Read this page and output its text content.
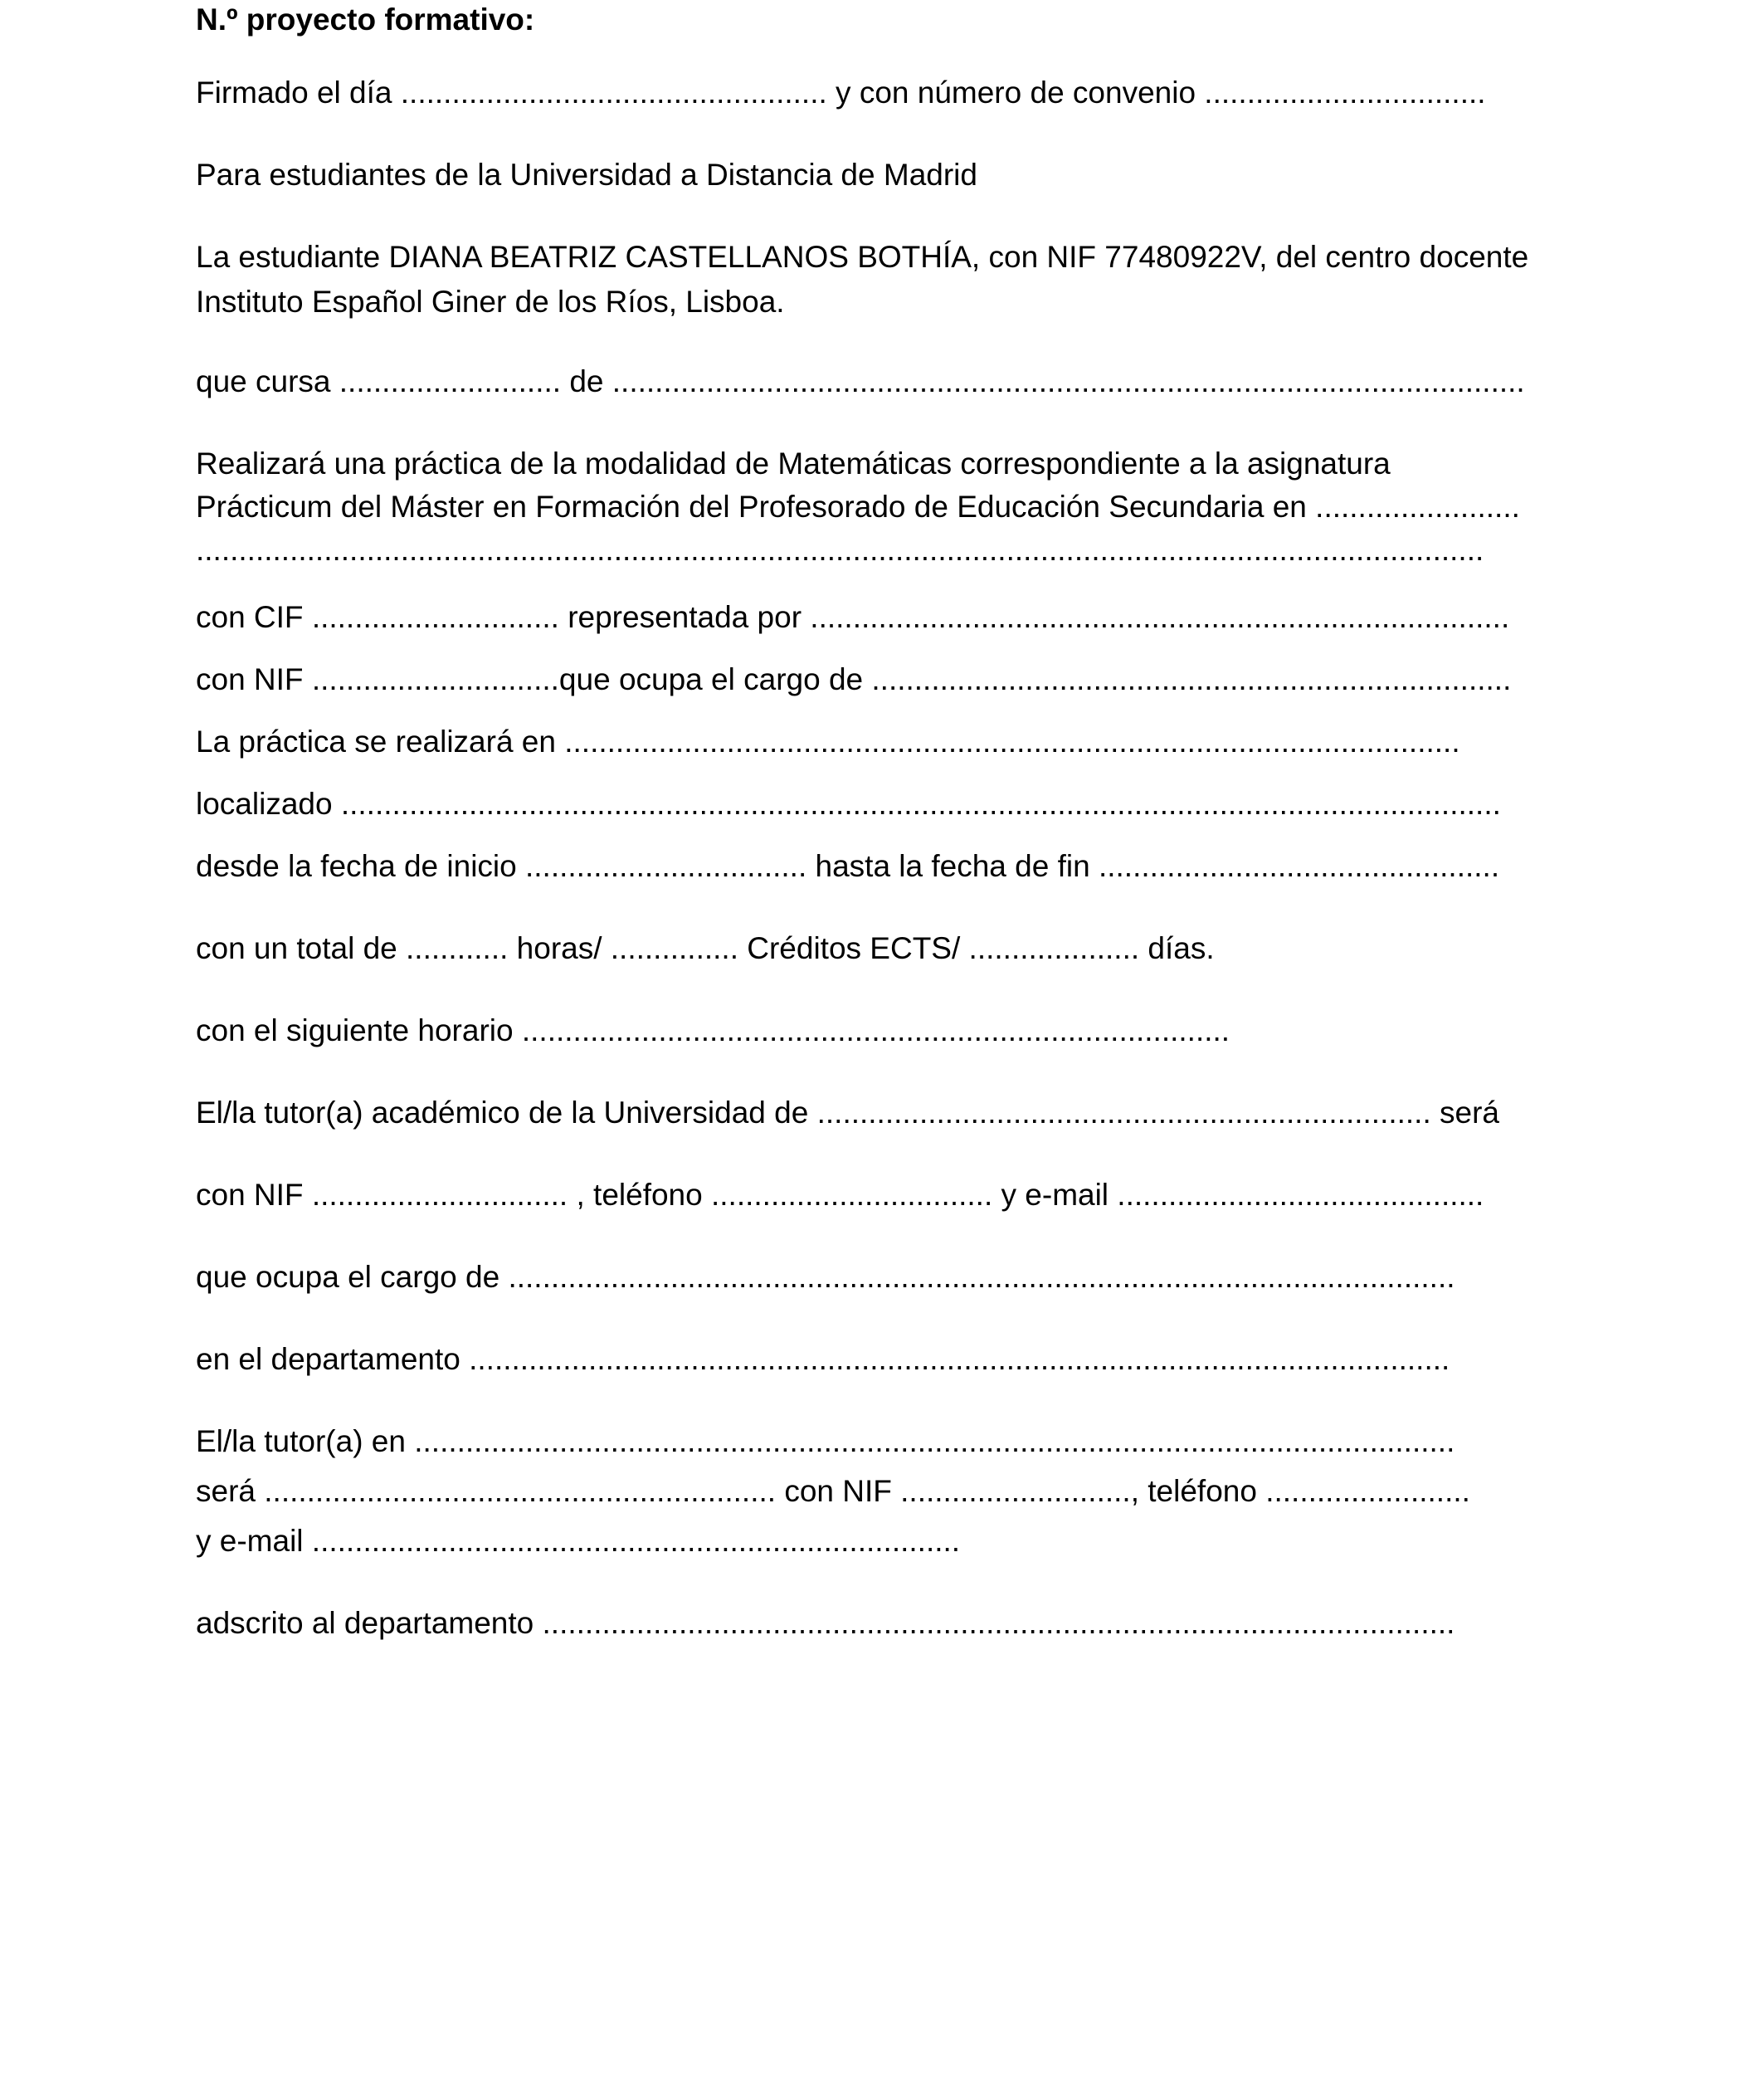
N.º proyecto formativo:
Firmado el día .................................................. y con número de convenio .................................
Para estudiantes de la Universidad a Distancia de Madrid
La estudiante DIANA BEATRIZ CASTELLANOS BOTHÍA, con NIF 77480922V, del centro docente
Instituto Español Giner de los Ríos, Lisboa.
que cursa .......................... de ...........................................................................................................
Realizará una práctica de la modalidad de Matemáticas correspondiente a la asignatura
Prácticum del Máster en Formación del Profesorado de Educación Secundaria en ........................
.......................................................................................................................................................
con CIF ............................. representada por ..................................................................................
con NIF .............................que ocupa el cargo de ...........................................................................
La práctica se realizará en .........................................................................................................
localizado ........................................................................................................................................
desde la fecha de inicio ................................. hasta la fecha de fin ...............................................
con un total de ............ horas/ ............... Créditos ECTS/ .................... días.
con el siguiente horario ...................................................................................
El/la tutor(a) académico de la Universidad de ........................................................................ será
con NIF .............................. , teléfono ................................. y e-mail ...........................................
que ocupa el cargo de ...............................................................................................................
en el departamento ...................................................................................................................
El/la tutor(a) en ..........................................................................................................................
será ............................................................ con NIF ..........................., teléfono ........................
y e-mail ............................................................................
adscrito al departamento ...........................................................................................................
